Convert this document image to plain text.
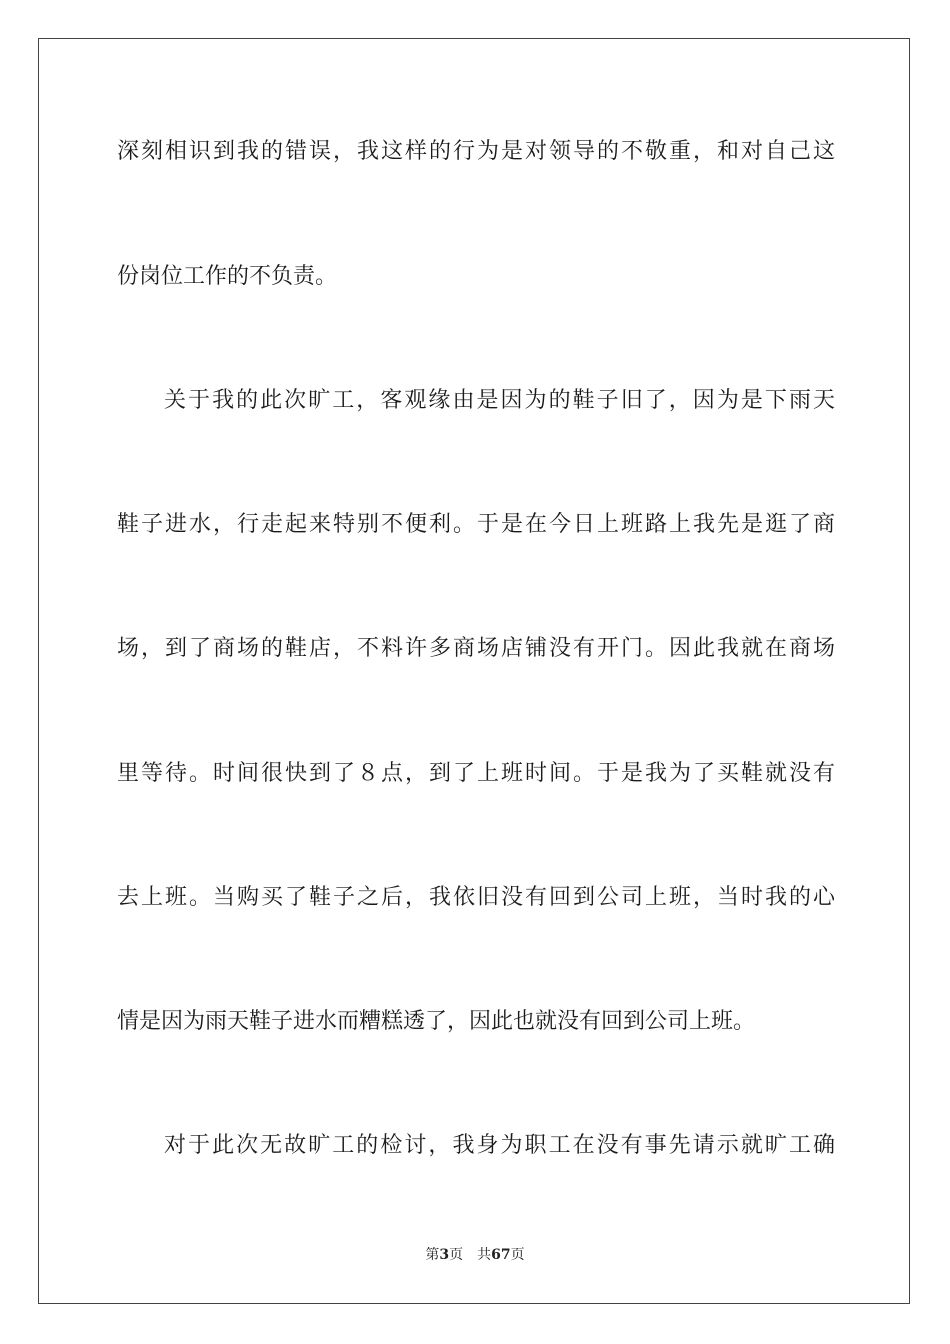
深刻相识到我的错误，我这样的行为是对领导的不敬重，和对自己这
份岗位工作的不负责。
关于我的此次旷工，客观缘由是因为的鞋子旧了，因为是下雨天
鞋子进水，行走起来特别不便利。于是在今日上班路上我先是逛了商
场，到了商场的鞋店，不料许多商场店铺没有开门。因此我就在商场
里等待。时间很快到了８点，到了上班时间。于是我为了买鞋就没有
去上班。当购买了鞋子之后，我依旧没有回到公司上班，当时我的心
情是因为雨天鞋子进水而糟糕透了，因此也就没有回到公司上班。
对于此次无故旷工的检讨，我身为职工在没有事先请示就旷工确
第3页 共67页
